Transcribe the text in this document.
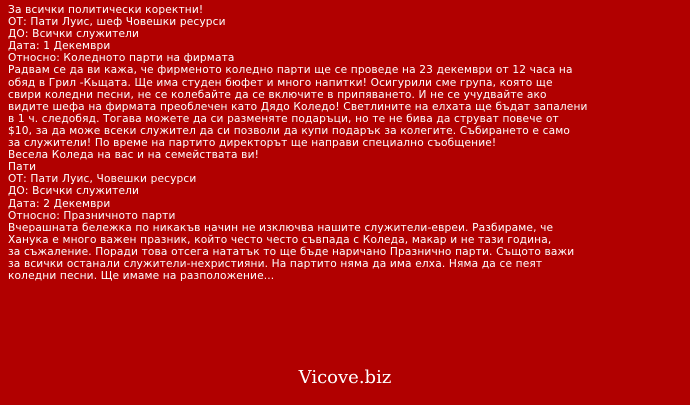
За всички политически коректни!
ОТ: Пати Луис, шеф Човешки ресурси
ДО: Всички служители
Дата: 1 Декември
Относно: Коледното парти на фирмата
Радвам се да ви кажа, че фирменото коледно парти ще се проведе на 23 декември от 12 часа на
обяд в Грил -Кьщата. Ще има студен бюфет и много напитки! Осигурили сме група, която ще
свири коледни песни, не се колебайте да се включите в припяването. И не се учудвайте ако
видите шефа на фирмата преоблечен като Дядо Коледо! Светлините на елхата ще бъдат запалени
в 1 ч. следобяд. Тогава можете да си разменяте подаръци, но те не бива да струват повече от
$10, за да може всеки служител да си позволи да купи подарък за колегите. Събирането е само
за служители! По време на партито директорът ще направи специално съобщение!
Весела Коледа на вас и на семействата ви!
Пати
ОТ: Пати Луис, Човешки ресурси
ДО: Всички служители
Дата: 2 Декември
Относно: Празничното парти
Вчерашната бележка по никакъв начин не изключва нашите служители-евреи. Разбираме, че
Ханука е много важен празник, който често често съвпада с Коледа, макар и не тази година,
за съжаление. Поради това отсега нататък то ще бъде наричано Празнично парти. Същото важи
за всички останали служители-нехристияни. На партито няма да има елха. Няма да се пеят
коледни песни. Ще имаме на разположение...
Vicove.biz
